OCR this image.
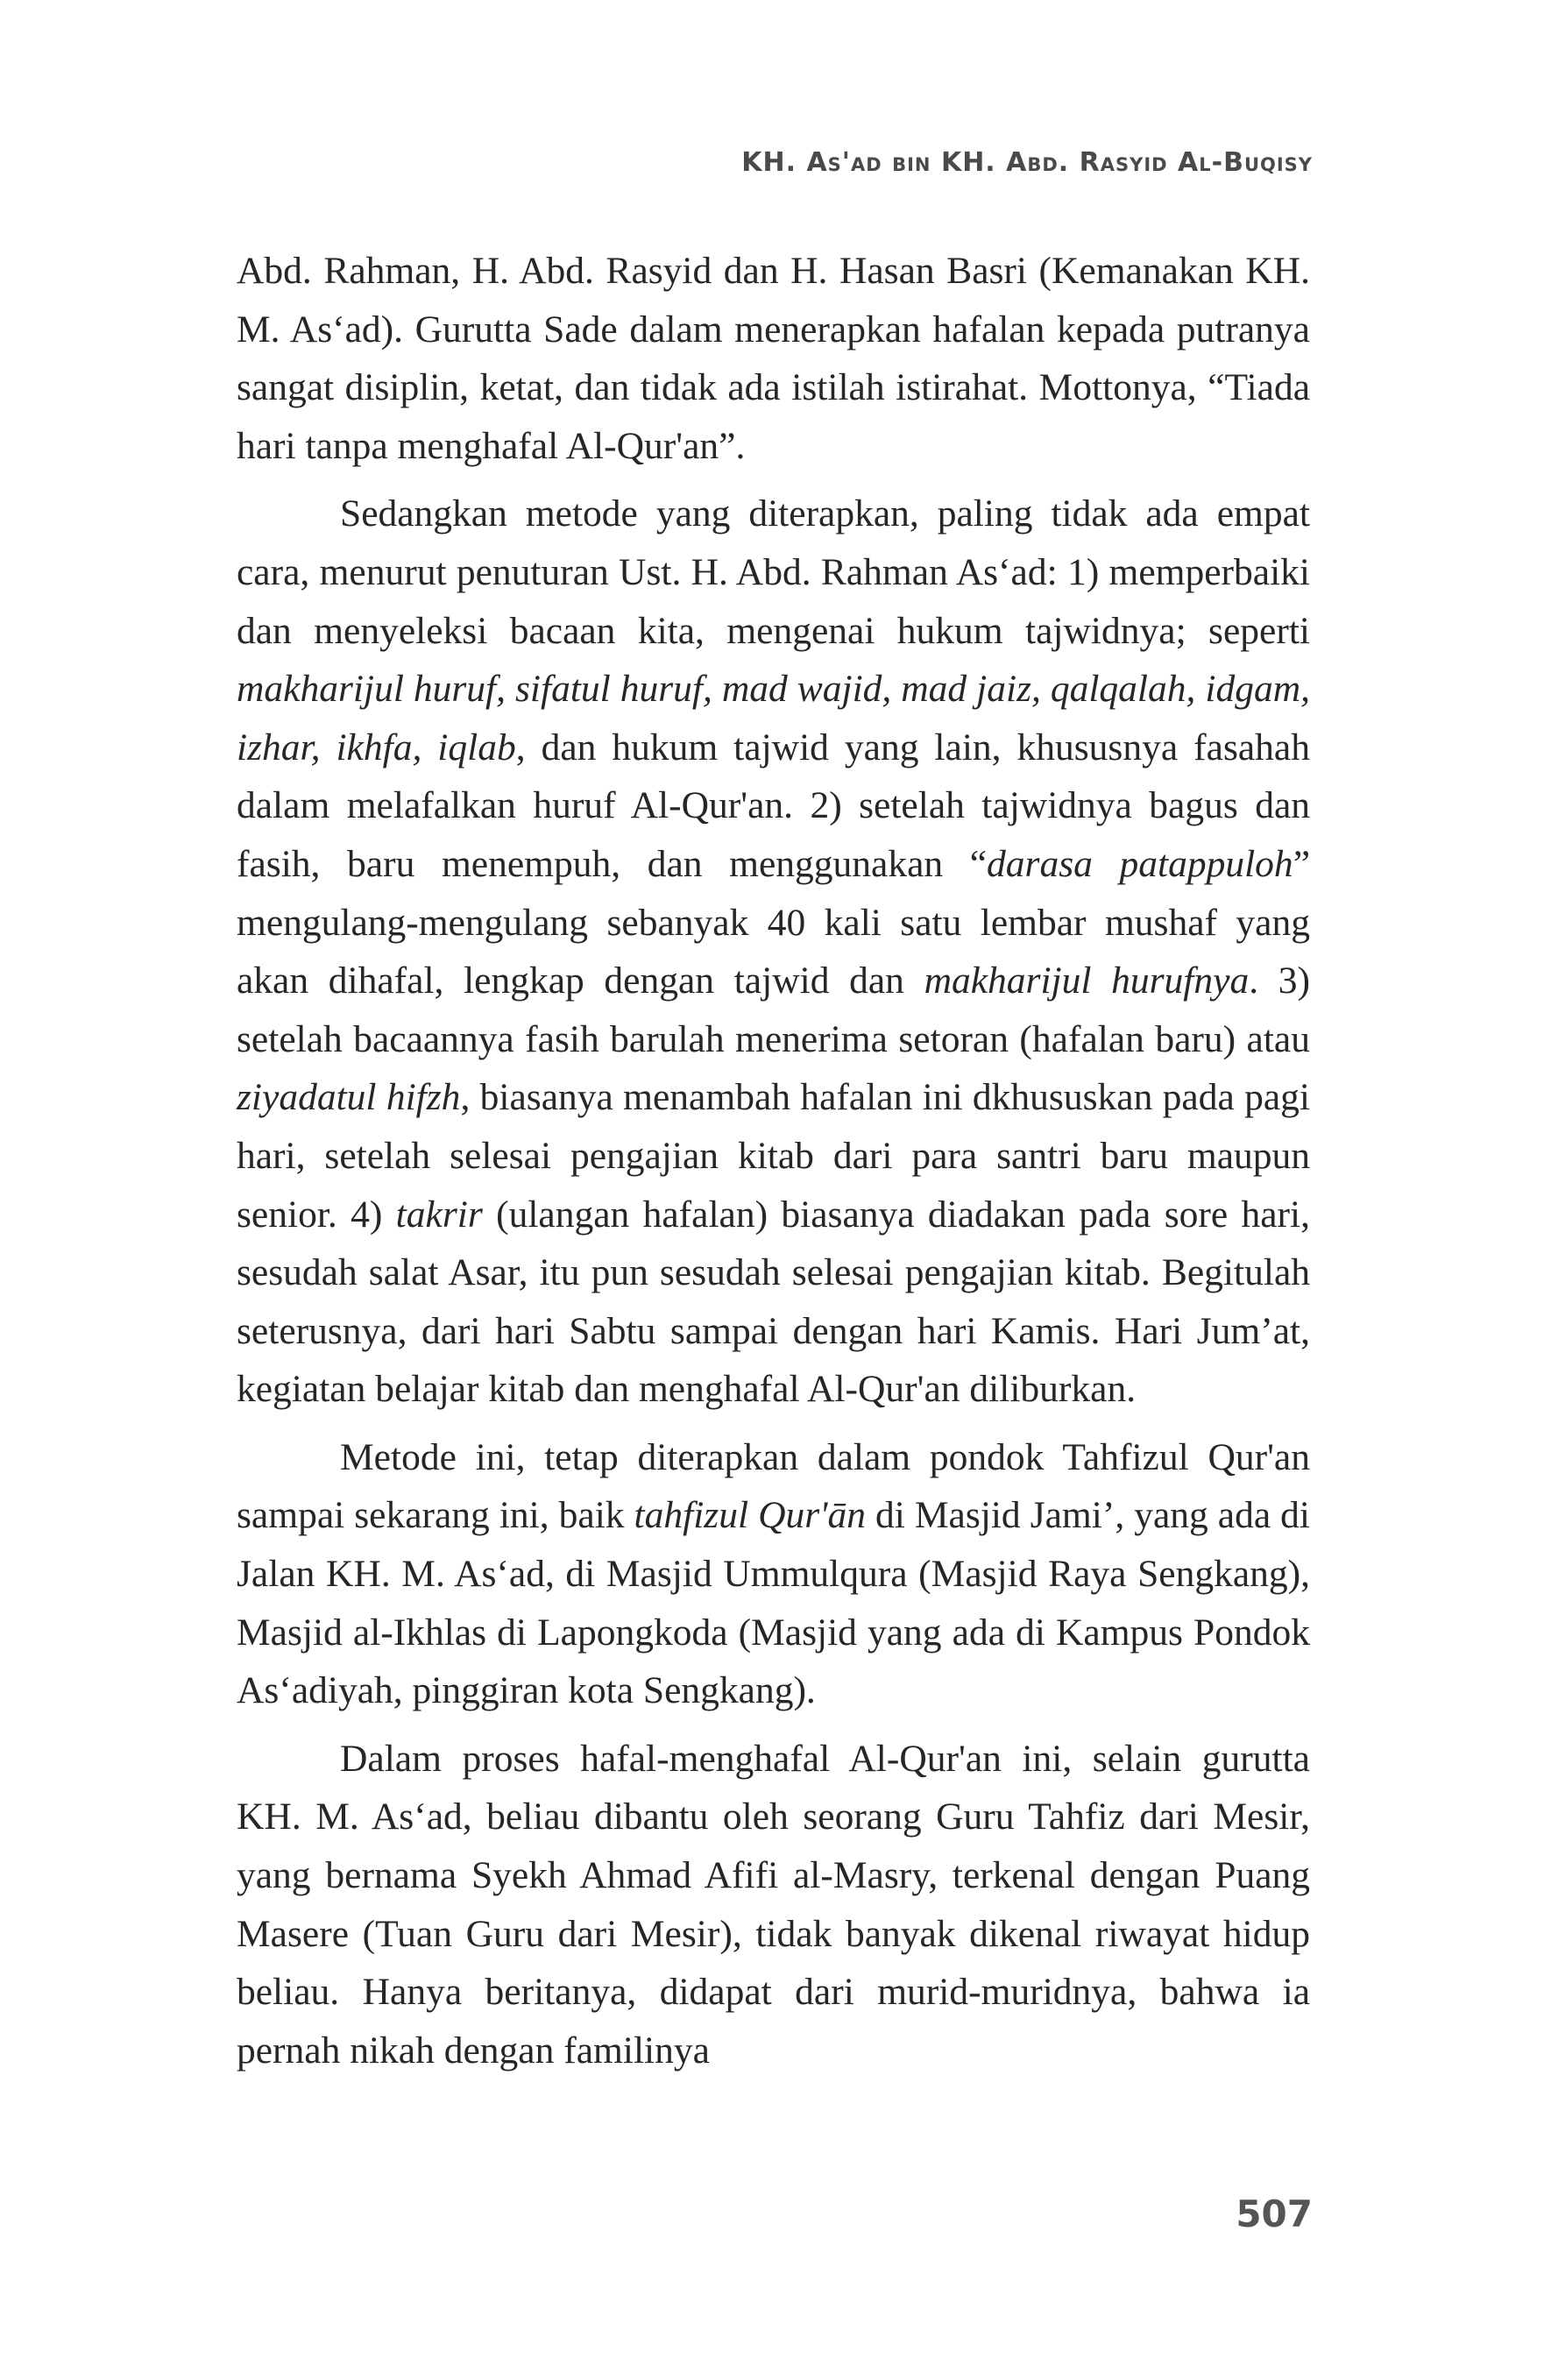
KH. As'ad bin KH. Abd. Rasyid Al-Buqisy

Abd. Rahman, H. Abd. Rasyid dan H. Hasan Basri (Kemanakan KH. M. As‘ad). Gurutta Sade dalam menerapkan hafalan kepada putranya sangat disiplin, ketat, dan tidak ada istilah istirahat. Mottonya, “Tiada hari tanpa menghafal Al-Qur'an”.

Sedangkan metode yang diterapkan, paling tidak ada empat cara, menurut penuturan Ust. H. Abd. Rahman As‘ad: 1) memperbaiki dan menyeleksi bacaan kita, mengenai hukum tajwidnya; seperti makharijul huruf, sifatul huruf, mad wajid, mad jaiz, qalqalah, idgam, izhar, ikhfa, iqlab, dan hukum tajwid yang lain, khususnya fasahah dalam melafalkan huruf Al-Qur'an. 2) setelah tajwidnya bagus dan fasih, baru menempuh, dan menggunakan “darasa patappuloh” mengulang-mengulang sebanyak 40 kali satu lembar mushaf yang akan dihafal, lengkap dengan tajwid dan makharijul hurufnya. 3) setelah bacaannya fasih barulah menerima setoran (hafalan baru) atau ziyadatul hifzh, biasanya menambah hafalan ini dkhususkan pada pagi hari, setelah selesai pengajian kitab dari para santri baru maupun senior. 4) takrir (ulangan hafalan) biasanya diadakan pada sore hari, sesudah salat Asar, itu pun sesudah selesai pengajian kitab. Begitulah seterusnya, dari hari Sabtu sampai dengan hari Kamis. Hari Jum’at, kegiatan belajar kitab dan menghafal Al-Qur'an diliburkan.

Metode ini, tetap diterapkan dalam pondok Tahfizul Qur'an sampai sekarang ini, baik tahfizul Qur'ān di Masjid Jami’, yang ada di Jalan KH. M. As‘ad, di Masjid Ummulqura (Masjid Raya Sengkang), Masjid al-Ikhlas di Lapongkoda (Masjid yang ada di Kampus Pondok As‘adiyah, pinggiran kota Sengkang).

Dalam proses hafal-menghafal Al-Qur'an ini, selain gurutta KH. M. As‘ad, beliau dibantu oleh seorang Guru Tahfiz dari Mesir, yang bernama Syekh Ahmad Afifi al-Masry, terkenal dengan Puang Masere (Tuan Guru dari Mesir), tidak banyak dikenal riwayat hidup beliau. Hanya beritanya, didapat dari murid-muridnya, bahwa ia pernah nikah dengan familinya

507
